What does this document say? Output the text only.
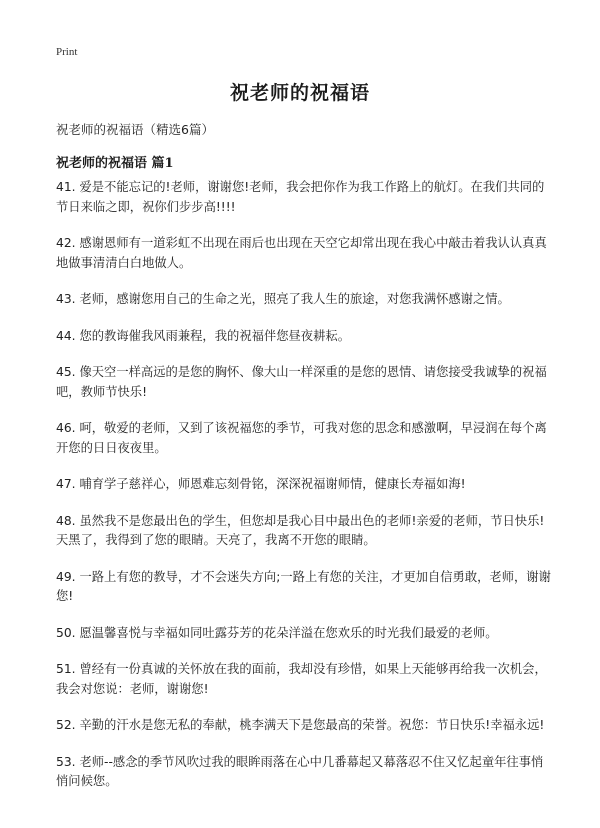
Print
祝老师的祝福语
祝老师的祝福语（精选6篇）
祝老师的祝福语 篇1
41. 爱是不能忘记的!老师，谢谢您!老师，我会把你作为我工作路上的航灯。在我们共同的节日来临之即，祝你们步步高!!!!
42. 感谢恩师有一道彩虹不出现在雨后也出现在天空它却常出现在我心中敲击着我认认真真地做事清清白白地做人。
43. 老师，感谢您用自己的生命之光，照亮了我人生的旅途，对您我满怀感谢之情。
44. 您的教诲催我风雨兼程，我的祝福伴您昼夜耕耘。
45. 像天空一样高远的是您的胸怀、像大山一样深重的是您的恩情、请您接受我诚挚的祝福吧，教师节快乐!
46. 呵，敬爱的老师，又到了该祝福您的季节，可我对您的思念和感激啊，早浸润在每个离开您的日日夜夜里。
47. 哺育学子慈祥心，师恩难忘刻骨铭，深深祝福谢师情，健康长寿福如海!
48. 虽然我不是您最出色的学生，但您却是我心目中最出色的老师!亲爱的老师，节日快乐!天黑了，我得到了您的眼睛。天亮了，我离不开您的眼睛。
49. 一路上有您的教导，才不会迷失方向;一路上有您的关注，才更加自信勇敢，老师，谢谢您!
50. 愿温馨喜悦与幸福如同吐露芬芳的花朵洋溢在您欢乐的时光我们最爱的老师。
51. 曾经有一份真诚的关怀放在我的面前，我却没有珍惜，如果上天能够再给我一次机会，我会对您说：老师，谢谢您!
52. 辛勤的汗水是您无私的奉献，桃李满天下是您最高的荣誉。祝您：节日快乐!幸福永远!
53. 老师--感念的季节风吹过我的眼眸雨落在心中几番幕起又幕落忍不住又忆起童年往事悄悄问候您。
